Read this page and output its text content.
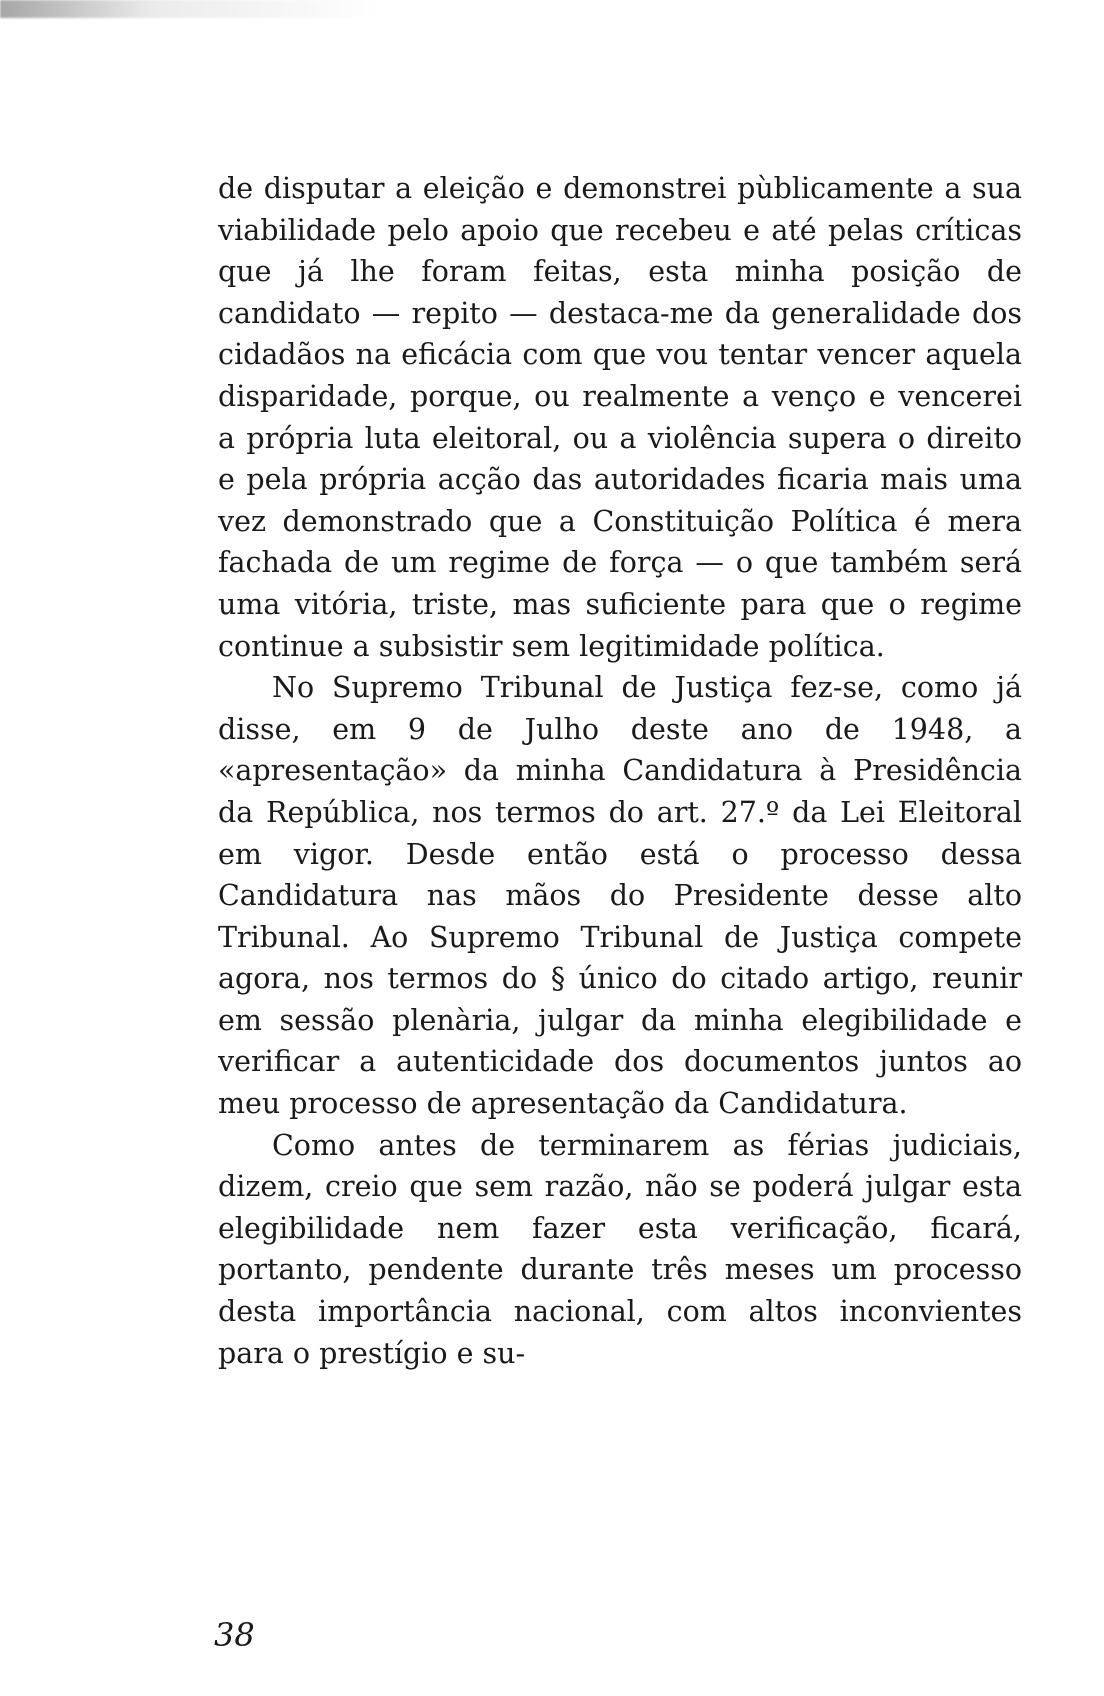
de disputar a eleição e demonstrei pùblicamente a sua viabilidade pelo apoio que recebeu e até pelas críticas que já lhe foram feitas, esta minha posição de candidato — repito — destaca-me da generalidade dos cidadãos na eficácia com que vou tentar vencer aquela disparidade, porque, ou realmente a venço e vencerei a própria luta eleitoral, ou a violência supera o direito e pela própria acção das autoridades ficaria mais uma vez demonstrado que a Constituição Política é mera fachada de um regime de força — o que também será uma vitória, triste, mas suficiente para que o regime continue a subsistir sem legitimidade política.

No Supremo Tribunal de Justiça fez-se, como já disse, em 9 de Julho deste ano de 1948, a «apresentação» da minha Candidatura à Presidência da República, nos termos do art. 27.º da Lei Eleitoral em vigor. Desde então está o processo dessa Candidatura nas mãos do Presidente desse alto Tribunal. Ao Supremo Tribunal de Justiça compete agora, nos termos do § único do citado artigo, reunir em sessão plenària, julgar da minha elegibilidade e verificar a autenticidade dos documentos juntos ao meu processo de apresentação da Candidatura.

Como antes de terminarem as férias judiciais, dizem, creio que sem razão, não se poderá julgar esta elegibilidade nem fazer esta verificação, ficará, portanto, pendente durante três meses um processo desta importância nacional, com altos inconvientes para o prestígio e su-

38
